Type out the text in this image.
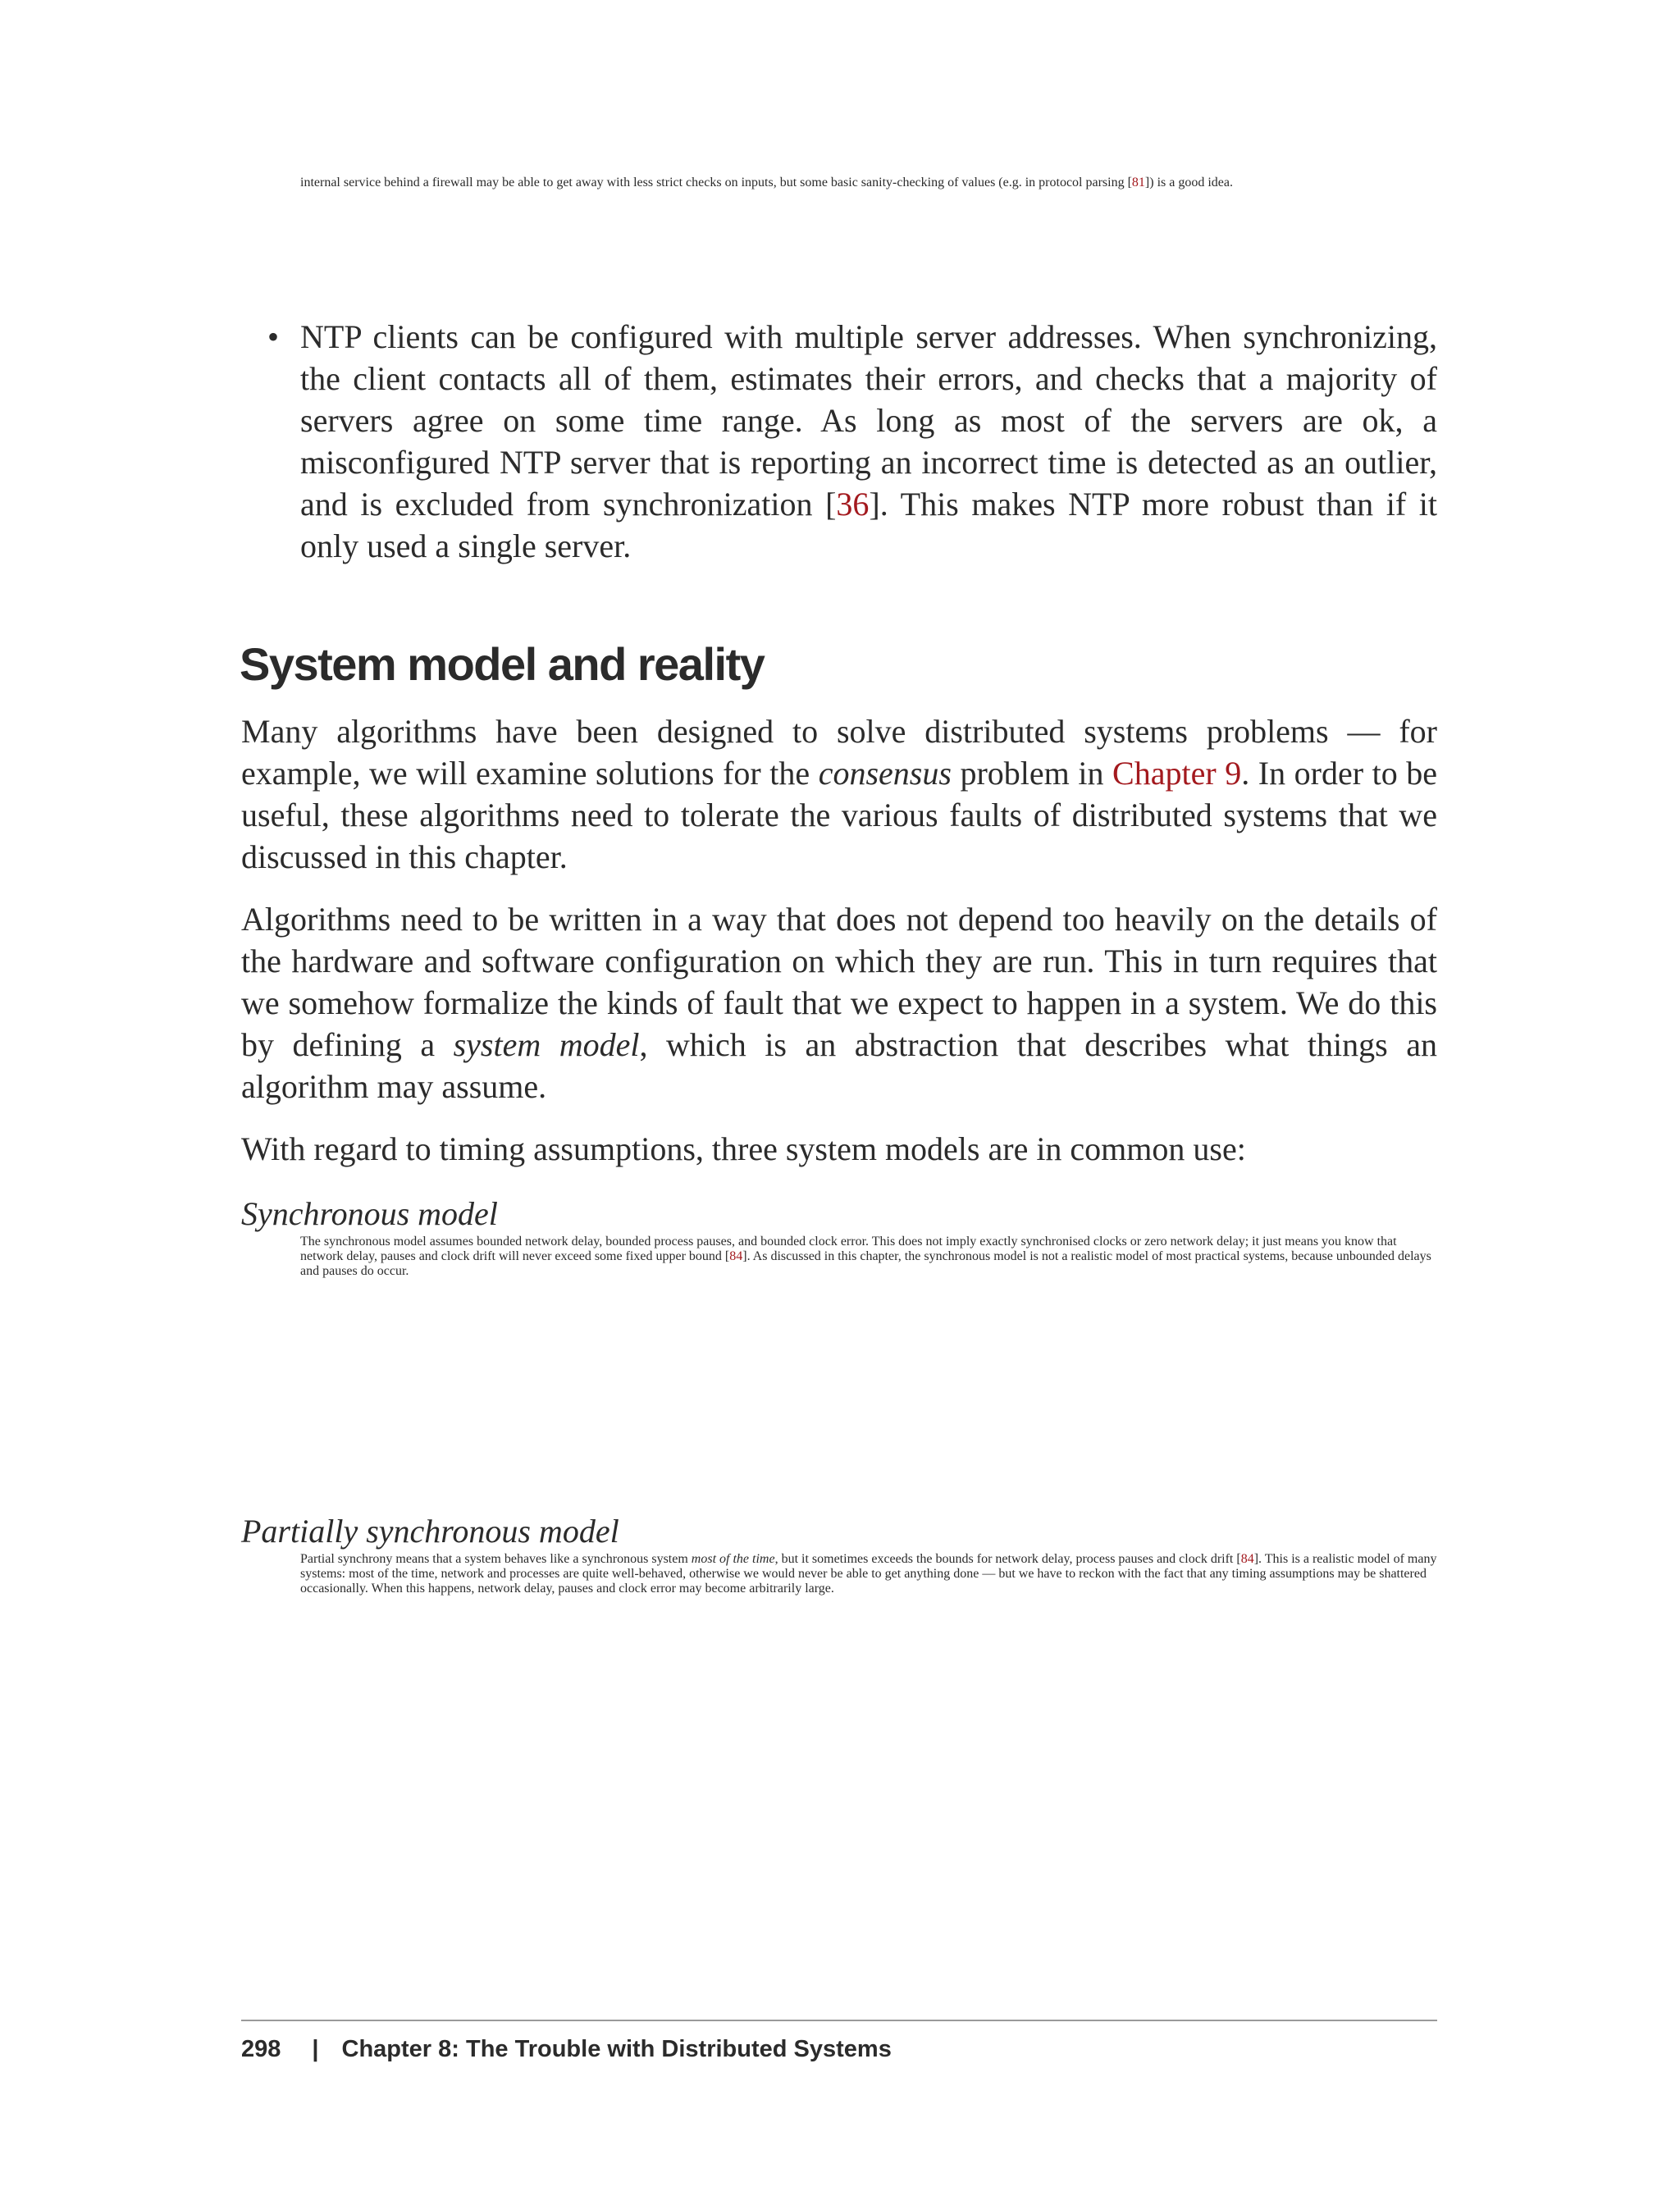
internal service behind a firewall may be able to get away with less strict checks on inputs, but some basic sanity-checking of values (e.g. in protocol parsing [81]) is a good idea.

• NTP clients can be configured with multiple server addresses. When synchronizing, the client contacts all of them, estimates their errors, and checks that a majority of servers agree on some time range. As long as most of the servers are ok, a misconfigured NTP server that is reporting an incorrect time is detected as an outlier, and is excluded from synchronization [36]. This makes NTP more robust than if it only used a single server.

System model and reality

Many algorithms have been designed to solve distributed systems problems — for example, we will examine solutions for the consensus problem in Chapter 9. In order to be useful, these algorithms need to tolerate the various faults of distributed systems that we discussed in this chapter.

Algorithms need to be written in a way that does not depend too heavily on the details of the hardware and software configuration on which they are run. This in turn requires that we somehow formalize the kinds of fault that we expect to happen in a system. We do this by defining a system model, which is an abstraction that describes what things an algorithm may assume.

With regard to timing assumptions, three system models are in common use:

Synchronous model

The synchronous model assumes bounded network delay, bounded process pauses, and bounded clock error. This does not imply exactly synchronised clocks or zero network delay; it just means you know that network delay, pauses and clock drift will never exceed some fixed upper bound [84]. As discussed in this chapter, the synchronous model is not a realistic model of most practical systems, because unbounded delays and pauses do occur.

Partially synchronous model

Partial synchrony means that a system behaves like a synchronous system most of the time, but it sometimes exceeds the bounds for network delay, process pauses and clock drift [84]. This is a realistic model of many systems: most of the time, network and processes are quite well-behaved, otherwise we would never be able to get anything done — but we have to reckon with the fact that any timing assumptions may be shattered occasionally. When this happens, network delay, pauses and clock error may become arbitrarily large.

298 | Chapter 8: The Trouble with Distributed Systems
